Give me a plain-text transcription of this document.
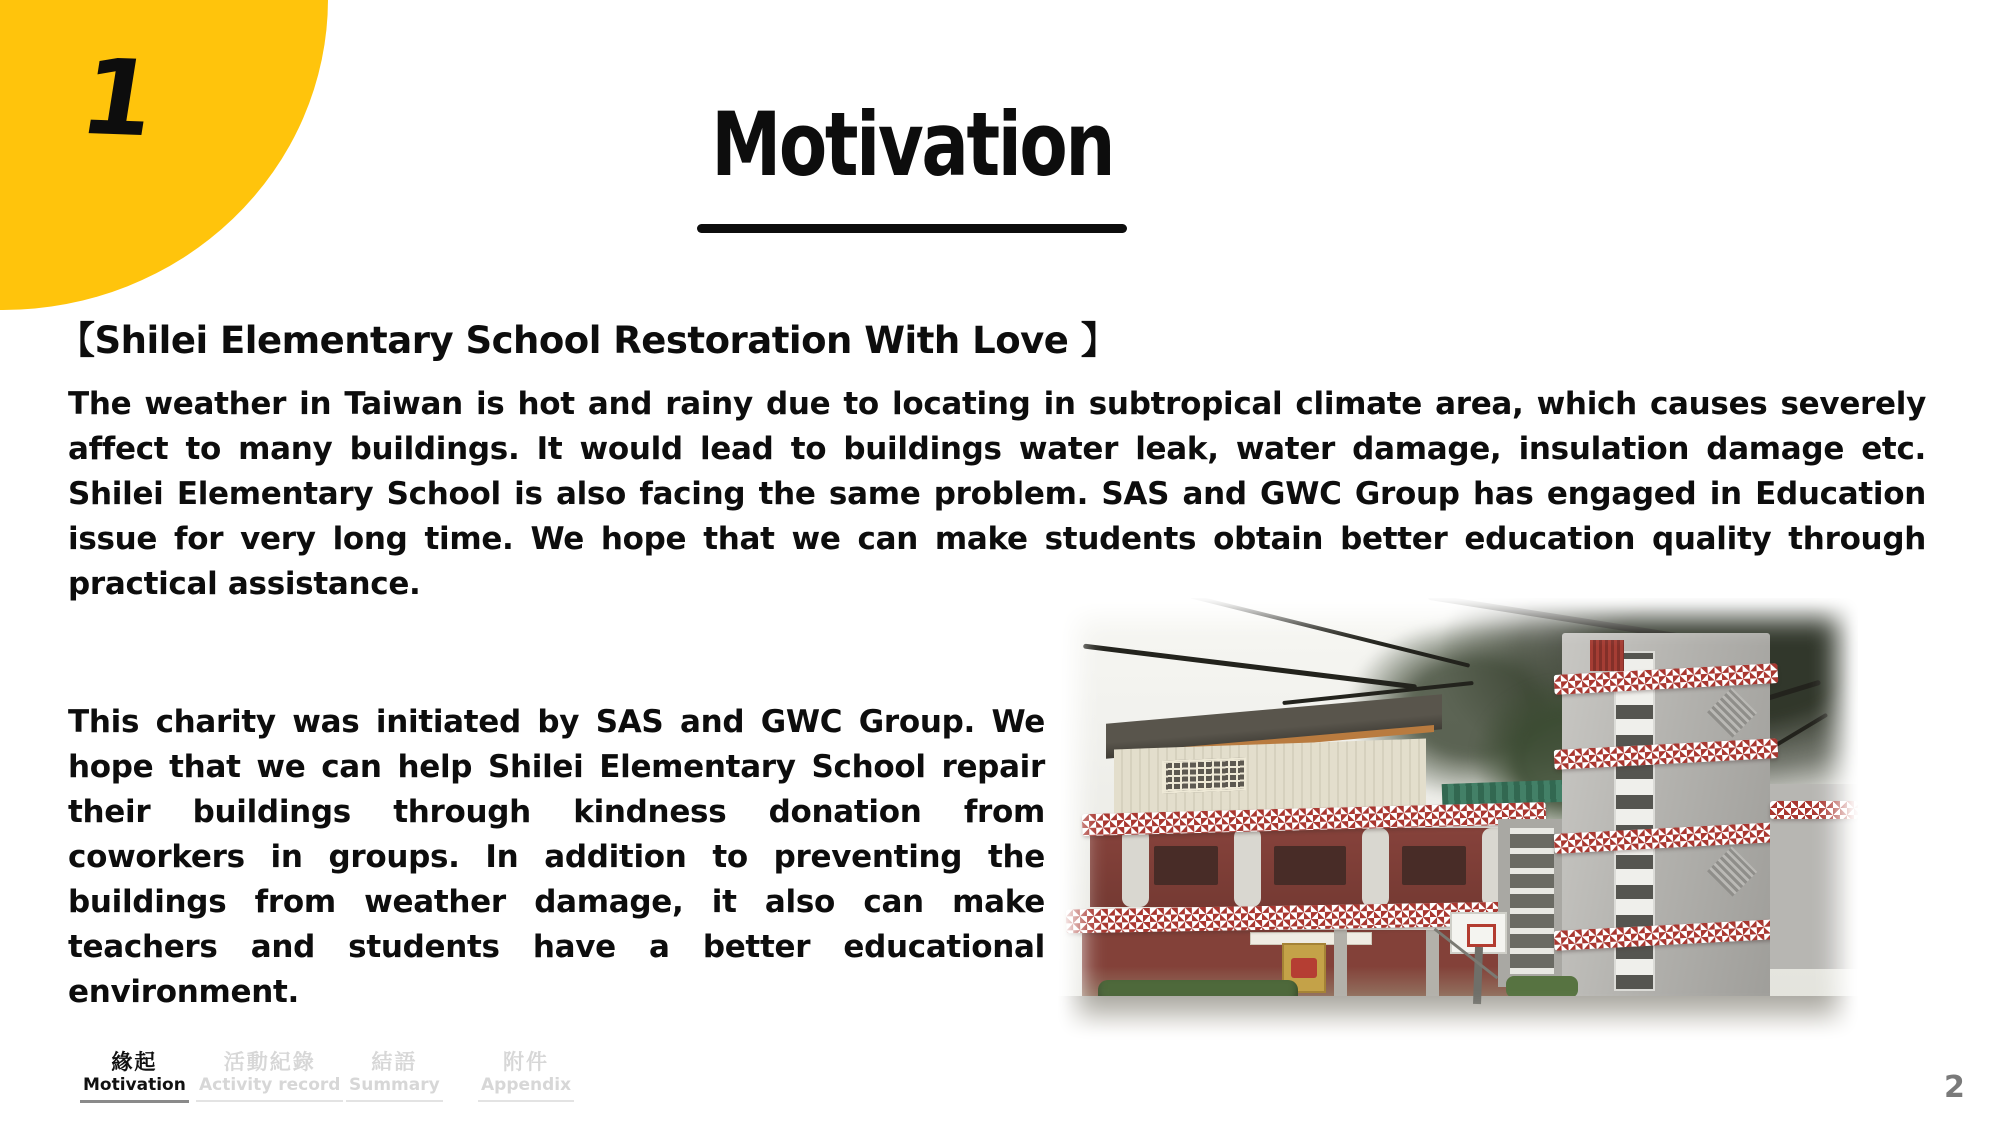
1	Motivation
【Shilei Elementary School Restoration With Love 】
The weather in Taiwan is hot and rainy due to locating in subtropical climate area, which causes severely affect to many buildings. It would lead to buildings water leak, water damage, insulation damage etc. Shilei Elementary School is also facing the same problem. SAS and GWC Group has engaged in Education issue for very long time. We hope that we can make students obtain better education quality through practical assistance.
This charity was initiated by SAS and GWC Group. We hope that we can help Shilei Elementary School repair their buildings through kindness donation from coworkers in groups. In addition to preventing the buildings from weather damage, it also can make teachers and students have a better educational environment.
緣起
Motivation
活動紀錄
Activity record
結語
Summary
附件
Appendix	2
